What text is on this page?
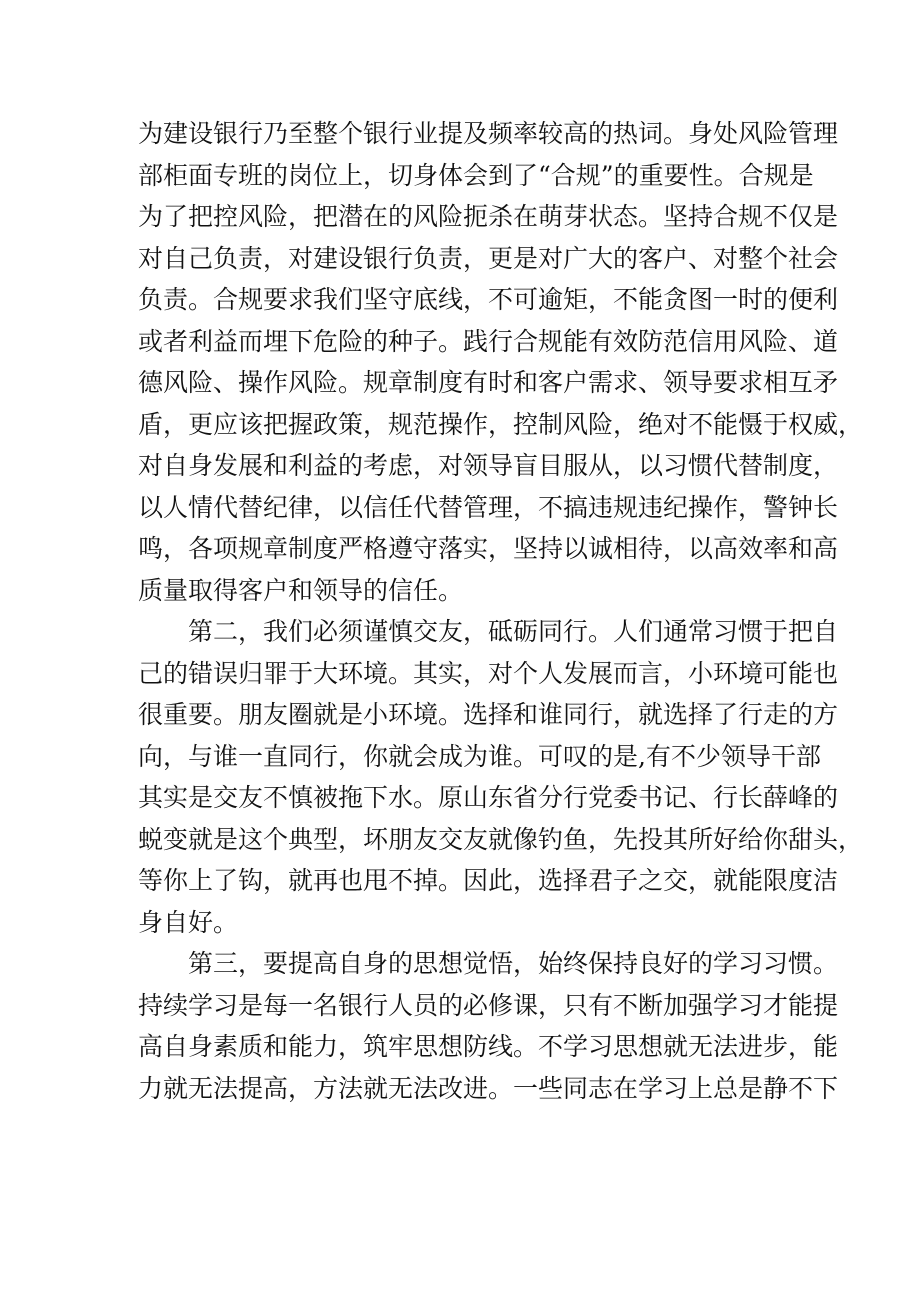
为建设银行乃至整个银行业提及频率较高的热词。身处风险管理
部柜面专班的岗位上，切身体会到了“合规”的重要性。合规是
为了把控风险，把潜在的风险扼杀在萌芽状态。坚持合规不仅是
对自己负责，对建设银行负责，更是对广大的客户、对整个社会
负责。合规要求我们坚守底线，不可逾矩，不能贪图一时的便利
或者利益而埋下危险的种子。践行合规能有效防范信用风险、道
德风险、操作风险。规章制度有时和客户需求、领导要求相互矛
盾，更应该把握政策，规范操作，控制风险，绝对不能慑于权威，
对自身发展和利益的考虑，对领导盲目服从，以习惯代替制度，
以人情代替纪律，以信任代替管理，不搞违规违纪操作，警钟长
鸣，各项规章制度严格遵守落实，坚持以诚相待，以高效率和高
质量取得客户和领导的信任。
　　第二，我们必须谨慎交友，砥砺同行。人们通常习惯于把自
己的错误归罪于大环境。其实，对个人发展而言，小环境可能也
很重要。朋友圈就是小环境。选择和谁同行，就选择了行走的方
向，与谁一直同行，你就会成为谁。可叹的是,有不少领导干部
其实是交友不慎被拖下水。原山东省分行党委书记、行长薛峰的
蜕变就是这个典型，坏朋友交友就像钓鱼，先投其所好给你甜头，
等你上了钩，就再也甩不掉。因此，选择君子之交，就能限度洁
身自好。
　　第三，要提高自身的思想觉悟，始终保持良好的学习习惯。
持续学习是每一名银行人员的必修课，只有不断加强学习才能提
高自身素质和能力，筑牢思想防线。不学习思想就无法进步，能
力就无法提高，方法就无法改进。一些同志在学习上总是静不下
